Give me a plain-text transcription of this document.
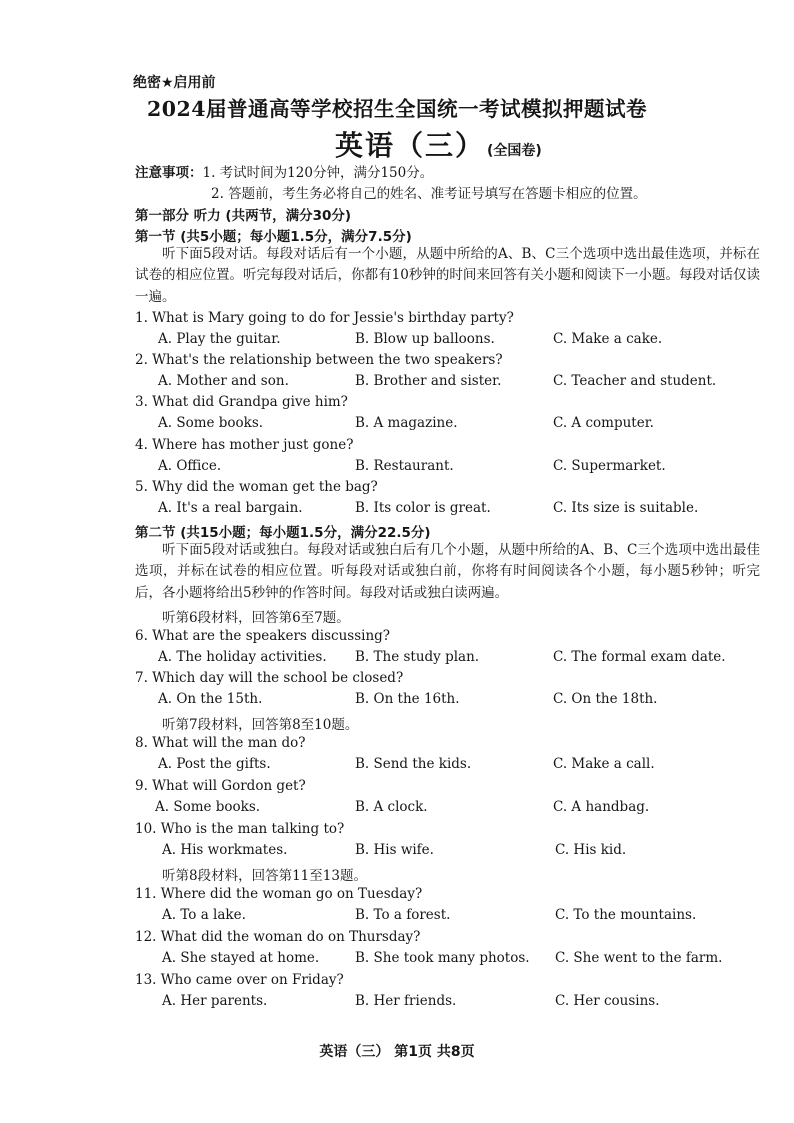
绝密★启用前
2024届普通高等学校招生全国统一考试模拟押题试卷
英语（三） (全国卷)
注意事项：1. 考试时间为120分钟，满分150分。
2. 答题前，考生务必将自己的姓名、准考证号填写在答题卡相应的位置。
第一部分 听力 (共两节，满分30分)
第一节 (共5小题；每小题1.5分，满分7.5分)

听下面5段对话。每段对话后有一个小题，从题中所给的A、B、C三个选项中选出最佳选项，并标在试卷的相应位置。听完每段对话后，你都有10秒钟的时间来回答有关小题和阅读下一小题。每段对话仅读一遍。

1. What is Mary going to do for Jessie's birthday party?
A. Play the guitar.	B. Blow up balloons.	C. Make a cake.
2. What's the relationship between the two speakers?
A. Mother and son.	B. Brother and sister.	C. Teacher and student.
3. What did Grandpa give him?
A. Some books.	B. A magazine.	C. A computer.
4. Where has mother just gone?
A. Office.	B. Restaurant.	C. Supermarket.
5. Why did the woman get the bag?
A. It's a real bargain.	B. Its color is great.	C. Its size is suitable.
第二节 (共15小题；每小题1.5分，满分22.5分)

听下面5段对话或独白。每段对话或独白后有几个小题，从题中所给的A、B、C三个选项中选出最佳选项，并标在试卷的相应位置。听每段对话或独白前，你将有时间阅读各个小题，每小题5秒钟；听完后，各小题将给出5秒钟的作答时间。每段对话或独白读两遍。

听第6段材料，回答第6至7题。
6. What are the speakers discussing?
A. The holiday activities. B. The study plan.	C. The formal exam date.
7. Which day will the school be closed?
A. On the 15th.	B. On the 16th.	C. On the 18th.
听第7段材料，回答第8至10题。
8. What will the man do?
A. Post the gifts.	B. Send the kids.	C. Make a call.
9. What will Gordon get?
A. Some books.	B. A clock.	C. A handbag.
10. Who is the man talking to?
A. His workmates.	B. His wife.	C. His kid.
听第8段材料，回答第11至13题。
11. Where did the woman go on Tuesday?
A. To a lake.	B. To a forest.	C. To the mountains.
12. What did the woman do on Thursday?
A. She stayed at home.	B. She took many photos. C. She went to the farm.
13. Who came over on Friday?
A. Her parents.	B. Her friends.	C. Her cousins.
英语（三） 第1页 共8页
